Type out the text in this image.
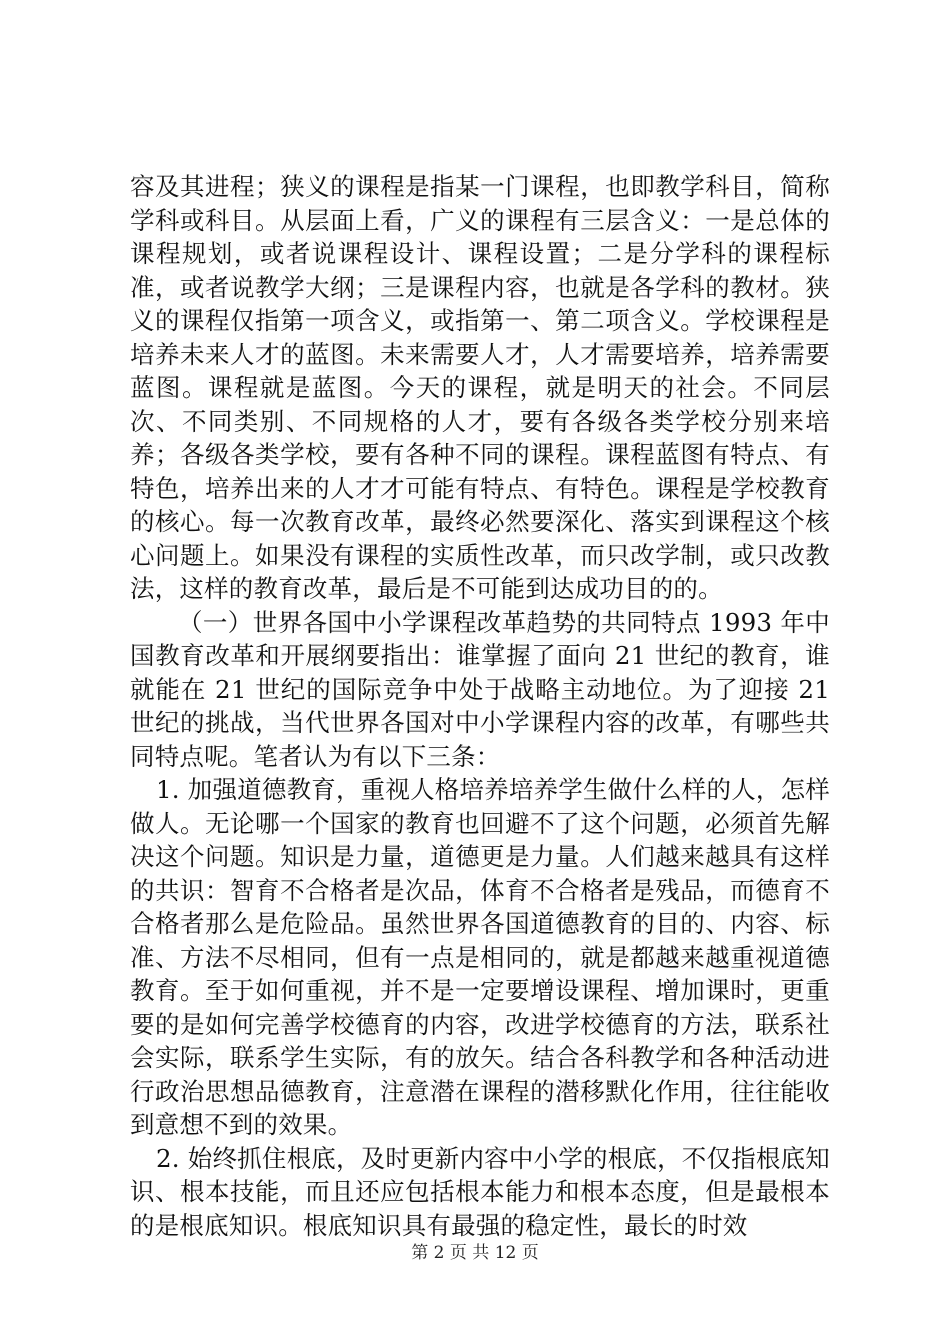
容及其进程；狭义的课程是指某一门课程，也即教学科目，简称学科或科目。从层面上看，广义的课程有三层含义：一是总体的课程规划，或者说课程设计、课程设置；二是分学科的课程标准，或者说教学大纲；三是课程内容，也就是各学科的教材。狭义的课程仅指第一项含义，或指第一、第二项含义。学校课程是培养未来人才的蓝图。未来需要人才，人才需要培养，培养需要蓝图。课程就是蓝图。今天的课程，就是明天的社会。不同层次、不同类别、不同规格的人才，要有各级各类学校分别来培养；各级各类学校，要有各种不同的课程。课程蓝图有特点、有特色，培养出来的人才才可能有特点、有特色。课程是学校教育的核心。每一次教育改革，最终必然要深化、落实到课程这个核心问题上。如果没有课程的实质性改革，而只改学制，或只改教法，这样的教育改革，最后是不可能到达成功目的的。

（一）世界各国中小学课程改革趋势的共同特点 1993 年中国教育改革和开展纲要指出：谁掌握了面向 21 世纪的教育，谁就能在 21 世纪的国际竞争中处于战略主动地位。为了迎接 21 世纪的挑战，当代世界各国对中小学课程内容的改革，有哪些共同特点呢。笔者认为有以下三条：

1. 加强道德教育，重视人格培养培养学生做什么样的人，怎样做人。无论哪一个国家的教育也回避不了这个问题，必须首先解决这个问题。知识是力量，道德更是力量。人们越来越具有这样的共识：智育不合格者是次品，体育不合格者是残品，而德育不合格者那么是危险品。虽然世界各国道德教育的目的、内容、标准、方法不尽相同，但有一点是相同的，就是都越来越重视道德教育。至于如何重视，并不是一定要增设课程、增加课时，更重要的是如何完善学校德育的内容，改进学校德育的方法，联系社会实际，联系学生实际，有的放矢。结合各科教学和各种活动进行政治思想品德教育，注意潜在课程的潜移默化作用，往往能收到意想不到的效果。

2. 始终抓住根底，及时更新内容中小学的根底，不仅指根底知识、根本技能，而且还应包括根本能力和根本态度，但是最根本的是根底知识。根底知识具有最强的稳定性，最长的时效

第 2 页 共 12 页
